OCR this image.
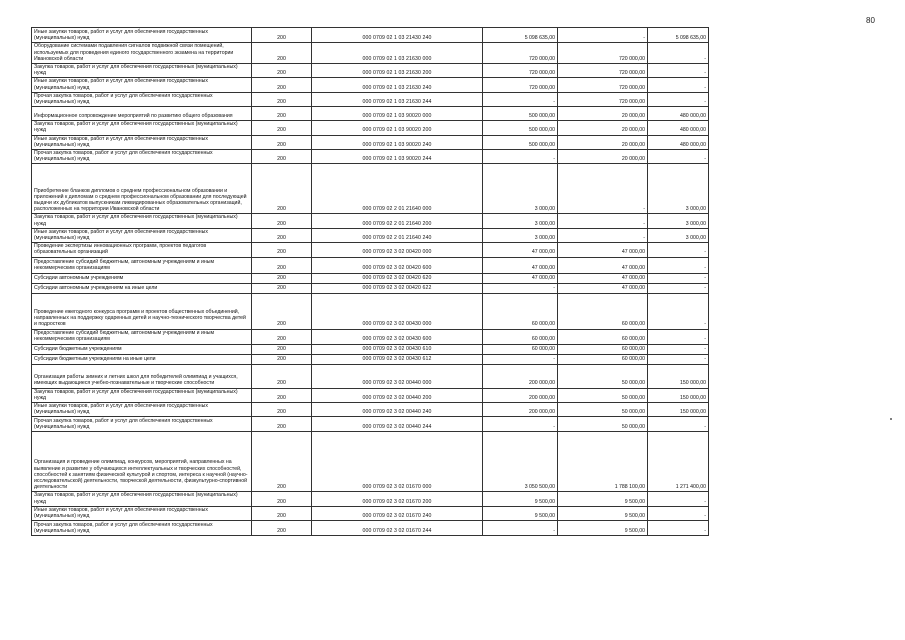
80
Иные закупки товаров, работ и услуг для обеспечения государственных (муниципальных) нужд	200	000 0709 02 1 03 21430 240	5 098 635,00	-	5 098 635,00
Оборудование системами подавления сигналов подвижной связи помещений, используемых для проведения единого государственного экзамена на территории Ивановской области	200	000 0709 02 1 03 21630 000	720 000,00	720 000,00	-
Закупка товаров, работ и услуг для обеспечения государственных (муниципальных) нужд	200	000 0709 02 1 03 21630 200	720 000,00	720 000,00	-
Иные закупки товаров, работ и услуг для обеспечения государственных (муниципальных) нужд	200	000 0709 02 1 03 21630 240	720 000,00	720 000,00	-
Прочая закупка товаров, работ и услуг для обеспечения государственных (муниципальных) нужд	200	000 0709 02 1 03 21630 244	-	720 000,00	-
Информационное сопровождение мероприятий по развитию общего образования	200	000 0709 02 1 03 90020 000	500 000,00	20 000,00	480 000,00
Закупка товаров, работ и услуг для обеспечения государственных (муниципальных) нужд	200	000 0709 02 1 03 90020 200	500 000,00	20 000,00	480 000,00
Иные закупки товаров, работ и услуг для обеспечения государственных (муниципальных) нужд	200	000 0709 02 1 03 90020 240	500 000,00	20 000,00	480 000,00
Прочая закупка товаров, работ и услуг для обеспечения государственных (муниципальных) нужд	200	000 0709 02 1 03 90020 244	-	20 000,00	-
Приобретение бланков дипломов о среднем профессиональном образовании и приложений к дипломам о среднем профессиональном образовании для последующей выдачи их дубликатов выпускникам ликвидированных образовательных организаций, расположенных на территории Ивановской области	200	000 0709 02 2 01 21640 000	3 000,00	-	3 000,00
Закупка товаров, работ и услуг для обеспечения государственных (муниципальных) нужд	200	000 0709 02 2 01 21640 200	3 000,00	-	3 000,00
Иные закупки товаров, работ и услуг для обеспечения государственных (муниципальных) нужд	200	000 0709 02 2 01 21640 240	3 000,00	-	3 000,00
Проведение экспертизы инновационных программ, проектов педагогов образовательных организаций	200	000 0709 02 3 02 00420 000	47 000,00	47 000,00	-
Предоставление субсидий бюджетным, автономным учреждениям и иным некоммерческим организациям	200	000 0709 02 3 02 00420 600	47 000,00	47 000,00	-
Субсидии автономным учреждениям	200	000 0709 02 3 02 00420 620	47 000,00	47 000,00	-
Субсидии автономным учреждениям на иные цели	200	000 0709 02 3 02 00420 622	-	47 000,00	-
Проведение ежегодного конкурса программ и проектов общественных объединений, направленных на поддержку одаренных детей и научно-технического творчества детей и подростков	200	000 0709 02 3 02 00430 000	60 000,00	60 000,00	-
Предоставление субсидий бюджетным, автономным учреждениям и иным некоммерческим организациям	200	000 0709 02 3 02 00430 600	60 000,00	60 000,00	-
Субсидии бюджетным учреждениям	200	000 0709 02 3 02 00430 610	60 000,00	60 000,00	-
Субсидии бюджетным учреждениям на иные цели	200	000 0709 02 3 02 00430 612	-	60 000,00	-
Организация работы зимних и летних школ для победителей олимпиад и учащихся, имеющих выдающиеся учебно-познавательные и творческие способности	200	000 0709 02 3 02 00440 000	200 000,00	50 000,00	150 000,00
Закупка товаров, работ и услуг для обеспечения государственных (муниципальных) нужд	200	000 0709 02 3 02 00440 200	200 000,00	50 000,00	150 000,00
Иные закупки товаров, работ и услуг для обеспечения государственных (муниципальных) нужд	200	000 0709 02 3 02 00440 240	200 000,00	50 000,00	150 000,00
Прочая закупка товаров, работ и услуг для обеспечения государственных (муниципальных) нужд	200	000 0709 02 3 02 00440 244	-	50 000,00	-
Организация и проведение олимпиад, конкурсов, мероприятий, направленных на выявление и развитие у обучающихся интеллектуальных и творческих способностей, способностей к занятиям физической культурой и спортом, интереса к научной (научно-исследовательской) деятельности, творческой деятельности, физкультурно-спортивной деятельности	200	000 0709 02 3 02 01670 000	3 050 500,00	1 788 100,00	1 271 400,00
Закупка товаров, работ и услуг для обеспечения государственных (муниципальных) нужд	200	000 0709 02 3 02 01670 200	9 500,00	9 500,00	-
Иные закупки товаров, работ и услуг для обеспечения государственных (муниципальных) нужд	200	000 0709 02 3 02 01670 240	9 500,00	9 500,00	-
Прочая закупка товаров, работ и услуг для обеспечения государственных (муниципальных) нужд	200	000 0709 02 3 02 01670 244	-	9 500,00	-
